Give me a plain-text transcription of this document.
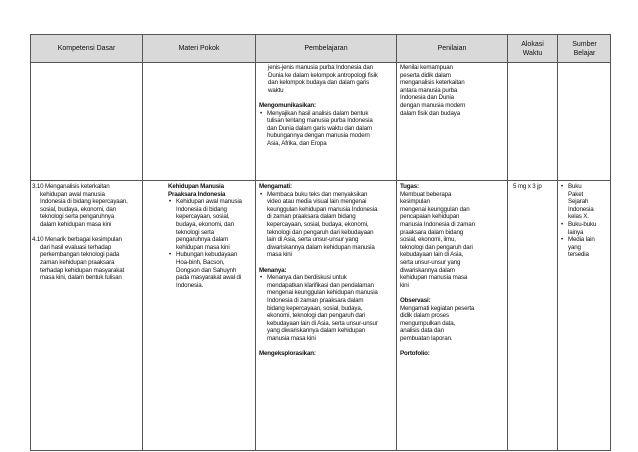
Kompetensi Dasar	Materi Pokok	Pembelajaran	Penilaian
Alokasi Waktu
Sumber Belajar

jenis-jenis manusia purba Indonesia dan

Dunia ke dalam kelompok antropologi fisik

dan kelompok budaya dan dalam garis

waktu

Mengomunikasikan:

• Menyajikan hasil analisis dalam bentuk

tulisan tentang manusia purba Indonesia

dan Dunia dalam garis waktu dan dalam

hubungannya dengan manusia modern

Asia, Afrika, dan Eropa

Menilai kemampuan

peserta didik dalam

menganalisis keterkaitan

antara manusia purba

Indonesia dan Dunia

dengan manusia modern

dalam fisik dan budaya

3.10 Menganalisis keterkaitan

kehidupan awal manusia

Indonesia di bidang kepercayaan,

sosial, budaya, ekonomi, dan

teknologi serta pengaruhnya

dalam kehidupan masa kini

4.10 Menarik berbagai kesimpulan

dari hasil evaluasi terhadap

perkembangan teknologi pada

zaman kehidupan praaksara

terhadap kehidupan masyarakat

masa kini, dalam bentuk tulisan

Kehidupan Manusia

Praaksara Indonesia

• Kehidupan awal manusia

Indonesia di bidang

kepercayaan, sosial,

budaya, ekonomi, dan

teknologi serta

pengaruhnya dalam

kehidupan masa kini

• Hubungan kebudayaan

Hoa-binh, Bacson,

Dongson dan Sahuynh

pada masyarakat awal di

Indonesia.

Mengamati:

• Membaca buku teks dan menyaksikan

video atau media visual lain mengenai

keunggulan kehidupan manusia Indonesia

di zaman praaksara dalam bidang

kepercayaan, sosial, budaya, ekonomi,

teknologi dan pengaruh dari kebudayaan

lain di Asia, serta unsur-unsur yang

diwariskannya dalam kehidupan manusia

masa kini

Menanya:

• Menanya dan berdiskusi untuk

mendapatkan klarifikasi dan pendalaman

mengenai keunggulan kehidupan manusia

Indonesia di zaman praaksara dalam

bidang kepercayaan, sosial, budaya,

ekonomi, teknologi dan pengaruh dari

kebudayaan lain di Asia, serta unsur-unsur

yang diwariskannya dalam kehidupan

manusia masa kini

Mengeksplorasikan:

Tugas:

Membuat beberapa

kesimpulan

mengenai keunggulan dan

pencapaian kehidupan

manusia Indonesia di zaman

praaksara dalam bidang

sosial, ekonomi, ilmu,

teknologi dan pengaruh dari

kebudayaan lain di Asia,

serta unsur-unsur yang

diwariskannya dalam

kehidupan manusia masa

kini

Observasi:

Mengamati kegiatan peserta

didik dalam proses

mengumpulkan data,

analisis data dan

pembuatan laporan.

Portofolio:

5 mg x 3 jp

•	Buku

Paket

Sejarah

Indonesia

kelas X.

• Buku-buku

lainya

• Media lain

yang

tersedia
